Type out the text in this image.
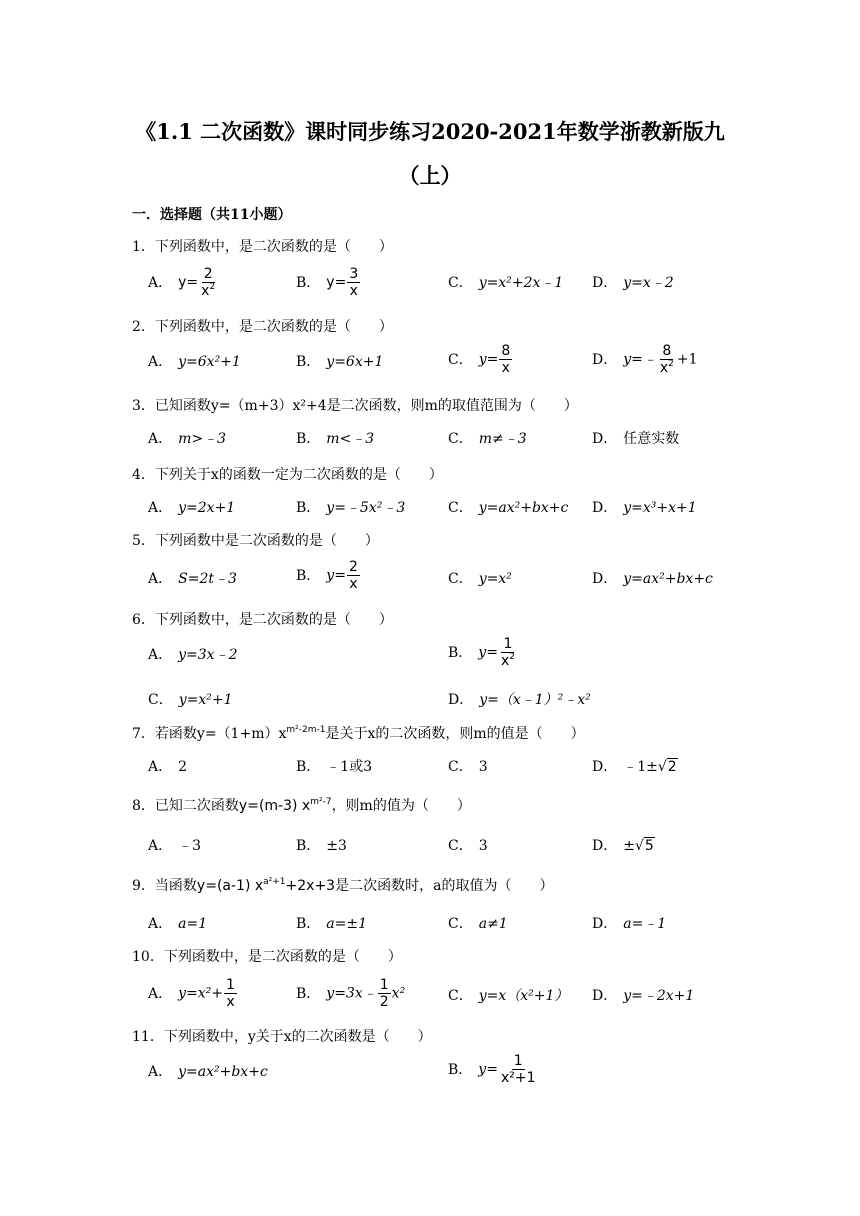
《1.1 二次函数》课时同步练习2020-2021年数学浙教新版九
（上）
一．选择题（共11小题）
1．下列函数中，是二次函数的是（　　）
A． $y= \frac{2}{x^2}$	B． $y= \frac{3}{x}$	C． y=x²+2x﹣1 D． y=x﹣2
2．下列函数中，是二次函数的是（　　）
A． y=6x²+1	B． y=6x+1	C． $y= \frac{8}{x}$	D． y=﹣ $\frac{8}{x^2} +1$
3．已知函数y=（m+3）x²+4是二次函数，则m的取值范围为（　　）
A． m>﹣3	B． m<﹣3	C． m≠﹣3	D． 任意实数
4．下列关于x的函数一定为二次函数的是（　　）
A． y=2x+1	B． y=﹣5x²﹣3	C． y=ax²+bx+c D． y=x³+x+1
5．下列函数中是二次函数的是（　　）
A． S=2t﹣3	B． $y= \frac{2}{x}$	C． y=x²	D． y=ax²+bx+c
6．下列函数中，是二次函数的是（　　）
A． y=3x﹣2	B． $y= \frac{1}{x^2}$
C． y=x²+1	D． y=（x﹣1）²﹣x²
7．若函数$y=(1+m)x^{m^2-2m-1}$是关于x的二次函数，则m的值是（　　）
A． 2	B． ﹣1或3	C． 3	D． ﹣1±√2
8．已知二次函数y=(m-3) $x^{m^2-7}$，则m的值为（　　）
A． ﹣3	B． ±3	C． 3	D． ±√5
9．当函数y=(a-1) $x^{a^2+1}+2x+3$是二次函数时，a的取值为（　　）
A． a=1	B． a=±1	C． a≠1	D． a=﹣1
10．下列函数中，是二次函数的是（　　）
A． $y=x^2+ \frac{1}{x}$	B． y=3x﹣ $\frac{1}{2} x^2$	C． y=x（x²+1） D． y=﹣2x+1
11．下列函数中，y关于x的二次函数是（　　）
A． y=ax²+bx+c	B． $y= \frac{1}{\text{x²+1}}$
